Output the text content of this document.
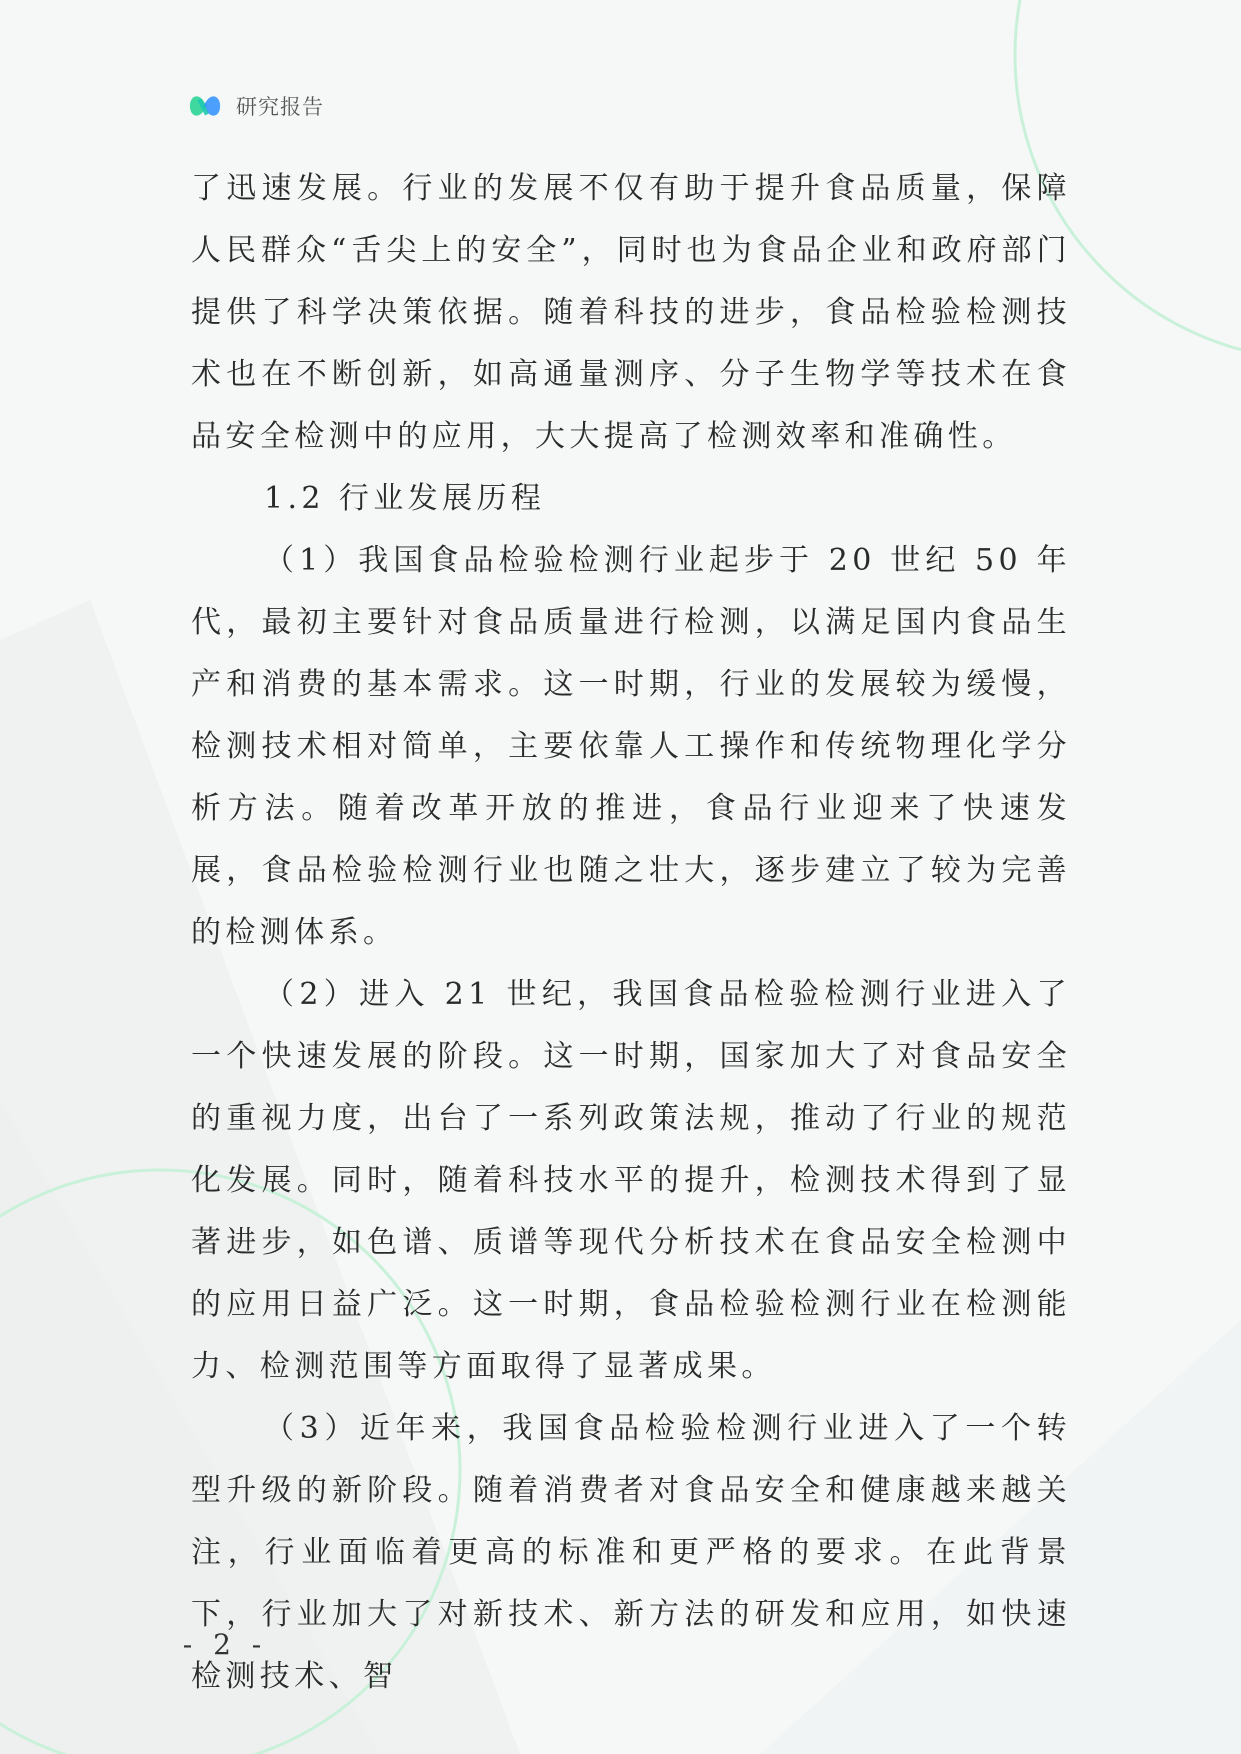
研究报告

了迅速发展。行业的发展不仅有助于提升食品质量，保障人民群众“舌尖上的安全”，同时也为食品企业和政府部门提供了科学决策依据。随着科技的进步，食品检验检测技术也在不断创新，如高通量测序、分子生物学等技术在食品安全检测中的应用，大大提高了检测效率和准确性。

1.2 行业发展历程

（1）我国食品检验检测行业起步于 20 世纪 50 年代，最初主要针对食品质量进行检测，以满足国内食品生产和消费的基本需求。这一时期，行业的发展较为缓慢，检测技术相对简单，主要依靠人工操作和传统物理化学分析方法。随着改革开放的推进，食品行业迎来了快速发展，食品检验检测行业也随之壮大，逐步建立了较为完善的检测体系。

（2）进入 21 世纪，我国食品检验检测行业进入了一个快速发展的阶段。这一时期，国家加大了对食品安全的重视力度，出台了一系列政策法规，推动了行业的规范化发展。同时，随着科技水平的提升，检测技术得到了显著进步，如色谱、质谱等现代分析技术在食品安全检测中的应用日益广泛。这一时期，食品检验检测行业在检测能力、检测范围等方面取得了显著成果。

（3）近年来，我国食品检验检测行业进入了一个转型升级的新阶段。随着消费者对食品安全和健康越来越关注，行业面临着更高的标准和更严格的要求。在此背景下，行业加大了对新技术、新方法的研发和应用，如快速检测技术、智

- 2 -
